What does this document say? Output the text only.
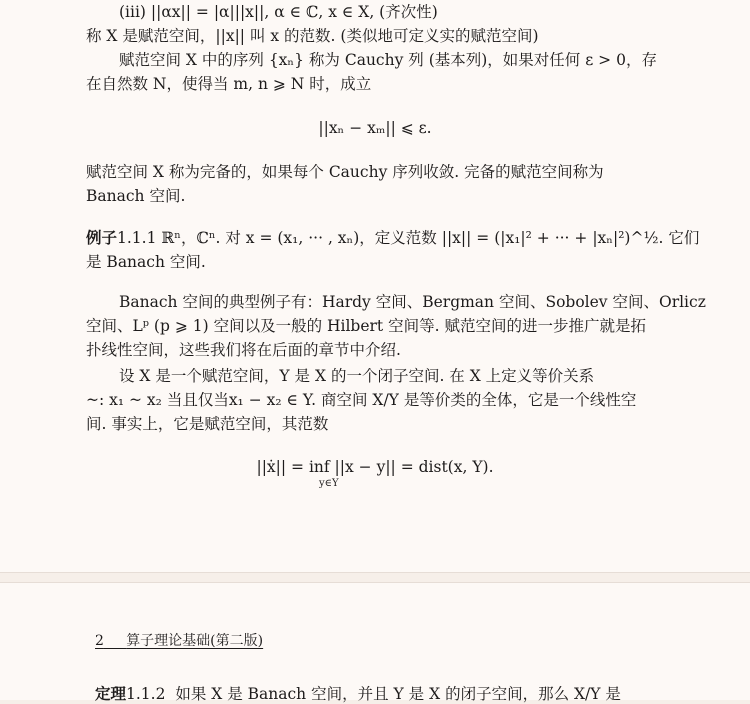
(iii) ||αx|| = |α|||x||, α ∈ ℂ, x ∈ X, (齐次性)
称 X 是赋范空间，||x|| 叫 x 的范数. (类似地可定义实的赋范空间)
赋范空间 X 中的序列 {xₙ} 称为 Cauchy 列 (基本列)，如果对任何 ε > 0，存
在自然数 N，使得当 m, n ⩾ N 时，成立
||xₙ − xₘ|| ⩽ ε.
赋范空间 X 称为完备的，如果每个 Cauchy 序列收敛. 完备的赋范空间称为
Banach 空间.
例子1.1.1 ℝⁿ，ℂⁿ. 对 x = (x₁, ··· , xₙ)，定义范数 ||x|| = (|x₁|² + ··· + |xₙ|²)^½. 它们
是 Banach 空间.
Banach 空间的典型例子有：Hardy 空间、Bergman 空间、Sobolev 空间、Orlicz
空间、Lᵖ (p ⩾ 1) 空间以及一般的 Hilbert 空间等. 赋范空间的进一步推广就是拓
扑线性空间，这些我们将在后面的章节中介绍.
设 X 是一个赋范空间，Y 是 X 的一个闭子空间. 在 X 上定义等价关系
~: x₁ ~ x₂ 当且仅当x₁ − x₂ ∈ Y. 商空间 X/Y 是等价类的全体，它是一个线性空
间. 事实上，它是赋范空间，其范数
||ẋ|| = inf ||x − y|| = dist(x, Y).
y∈Y
2 算子理论基础(第二版)
定理1.1.2 如果 X 是 Banach 空间，并且 Y 是 X 的闭子空间，那么 X/Y 是
